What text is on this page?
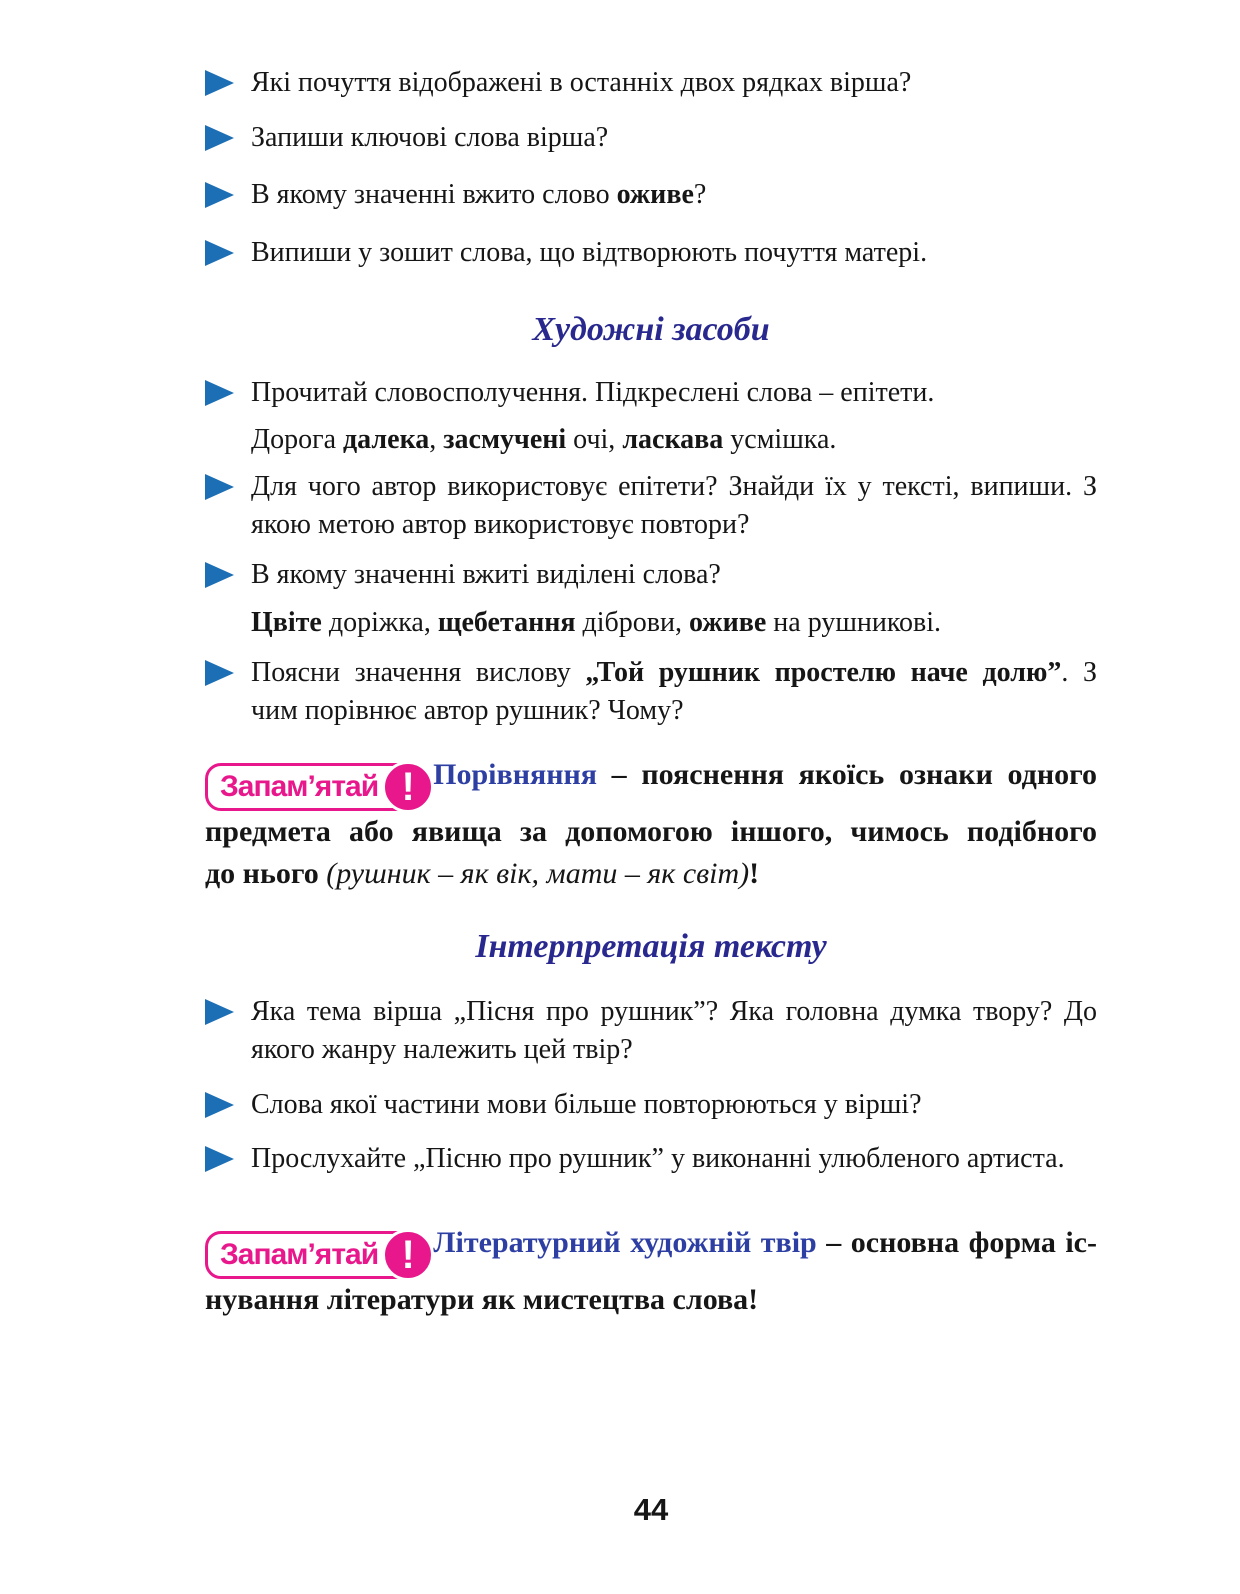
Які почуття відображені в останніх двох рядках вірша?
Запиши ключові слова вірша?
В якому значенні вжито слово оживе?
Випиши у зошит слова, що відтворюють почуття матері.
Художні засоби
Прочитай словосполучення. Підкреслені слова – епітети.
Дорога далека, засмучені очі, ласкава усмішка.
Для чого автор використовує епітети? Знайди їх у тексті, випиши. З
якою метою автор використовує повтори?
В якому значенні вжиті виділені слова?
Цвіте доріжка, щебетання діброви, оживе на рушникові.
Поясни значення вислову „Той рушник простелю наче долю”. З
чим порівнює автор рушник? Чому?
Запам’ятай ! Порівняння – пояснення якоїсь ознаки одного
предмета або явища за допомогою іншого, чимось подібного
до нього (рушник – як вік, мати – як світ)!
Інтерпретація тексту
Яка тема вірша „Пісня про рушник”? Яка головна думка твору? До
якого жанру належить цей твір?
Слова якої частини мови більше повторюються у вірші?
Прослухайте „Пісню про рушник” у виконанні улюбленого артиста.
Запам’ятай ! Літературний художній твір – основна форма іс-
нування літератури як мистецтва слова!
44
